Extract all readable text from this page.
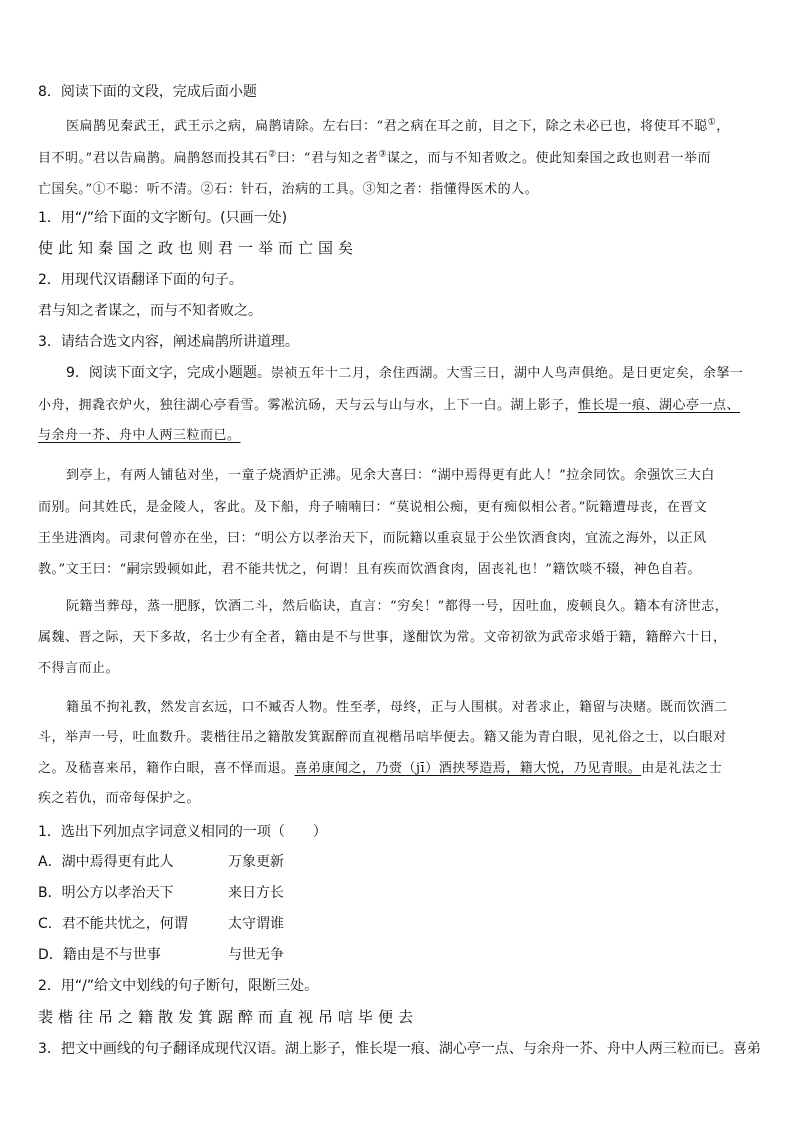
8．阅读下面的文段，完成后面小题
医扁鹊见秦武王，武王示之病，扁鹊请除。左右曰：“君之病在耳之前，目之下，除之未必已也，将使耳不聪①，
目不明。”君以告扁鹊。扁鹊怒而投其石②曰：“君与知之者③谋之，而与不知者败之。使此知秦国之政也则君一举而
亡国矣。”①不聪：听不清。②石：针石，治病的工具。③知之者：指懂得医术的人。
1．用“/”给下面的文字断句。(只画一处)
使此知秦国之政也则君一举而亡国矣
2．用现代汉语翻译下面的句子。
君与知之者谋之，而与不知者败之。
3．请结合选文内容，阐述扁鹊所讲道理。
9．阅读下面文字，完成小题题。崇祯五年十二月，余住西湖。大雪三日，湖中人鸟声俱绝。是日更定矣，余拏一
小舟，拥毳衣炉火，独往湖心亭看雪。雾凇沆砀，天与云与山与水，上下一白。湖上影子，惟长堤一痕、湖心亭一点、
与余舟一芥、舟中人两三粒而已。
到亭上，有两人铺毡对坐，一童子烧酒炉正沸。见余大喜曰：“湖中焉得更有此人！”拉余同饮。余强饮三大白
而别。问其姓氏，是金陵人，客此。及下船，舟子喃喃曰：“莫说相公痴，更有痴似相公者。”阮籍遭母丧，在晋文
王坐进酒肉。司隶何曾亦在坐，曰：“明公方以孝治天下，而阮籍以重哀显于公坐饮酒食肉，宜流之海外，以正风
教。”文王曰：“嗣宗毁顿如此，君不能共忧之，何谓！且有疾而饮酒食肉，固丧礼也！”籍饮啖不辍，神色自若。
阮籍当葬母，蒸一肥豚，饮酒二斗，然后临诀，直言：“穷矣！”都得一号，因吐血，废顿良久。籍本有济世志，
属魏、晋之际，天下多故，名士少有全者，籍由是不与世事，遂酣饮为常。文帝初欲为武帝求婚于籍，籍醉六十日，
不得言而止。
籍虽不拘礼教，然发言玄远，口不臧否人物。性至孝，母终，正与人围棋。对者求止，籍留与决赌。既而饮酒二
斗，举声一号，吐血数升。裴楷往吊之籍散发箕踞醉而直视楷吊唁毕便去。籍又能为青白眼，见礼俗之士，以白眼对
之。及嵇喜来吊，籍作白眼，喜不怿而退。喜弟康闻之，乃赍（jī）酒挟琴造焉，籍大悦，乃见青眼。由是礼法之士
疾之若仇，而帝每保护之。
1．选出下列加点字词意义相同的一项（　　）
A．湖中焉得更有此人	万象更新
B．明公方以孝治天下	来日方长
C．君不能共忧之，何谓	太守谓谁
D．籍由是不与世事	与世无争
2．用“/”给文中划线的句子断句，限断三处。
裴楷往吊之籍散发箕踞醉而直视吊唁毕便去
3．把文中画线的句子翻译成现代汉语。湖上影子，惟长堤一痕、湖心亭一点、与余舟一芥、舟中人两三粒而已。喜弟
